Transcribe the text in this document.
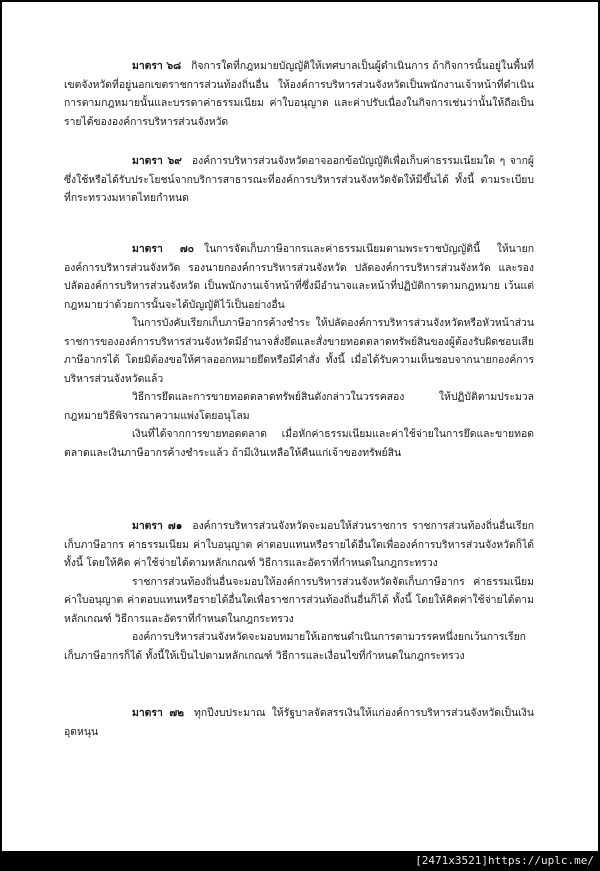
มาตรา ๖๘ กิจการใดที่กฎหมายบัญญัติให้เทศบาลเป็นผู้ดำเนินการ ถ้ากิจการนั้นอยู่ในพื้นที่เขตจังหวัดที่อยู่นอกเขตราชการส่วนท้องถิ่นอื่น ให้องค์การบริหารส่วนจังหวัดเป็นพนักงานเจ้าหน้าที่ดำเนินการตามกฎหมายนั้นและบรรดาค่าธรรมเนียม ค่าใบอนุญาต และค่าปรับเนื่องในกิจการเช่นว่านั้นให้ถือเป็นรายได้ขององค์การบริหารส่วนจังหวัด

มาตรา ๖๙ องค์การบริหารส่วนจังหวัดอาจออกข้อบัญญัติเพื่อเก็บค่าธรรมเนียมใด ๆ จากผู้ซึ่งใช้หรือได้รับประโยชน์จากบริการสาธารณะที่องค์การบริหารส่วนจังหวัดจัดให้มีขึ้นได้ ทั้งนี้ ตามระเบียบที่กระทรวงมหาดไทยกำหนด

มาตรา ๗๐ ในการจัดเก็บภาษีอากรและค่าธรรมเนียมตามพระราชบัญญัตินี้ ให้นายกองค์การบริหารส่วนจังหวัด รองนายกองค์การบริหารส่วนจังหวัด ปลัดองค์การบริหารส่วนจังหวัด และรองปลัดองค์การบริหารส่วนจังหวัด เป็นพนักงานเจ้าหน้าที่ซึ่งมีอำนาจและหน้าที่ปฏิบัติการตามกฎหมาย เว้นแต่กฎหมายว่าด้วยการนั้นจะได้บัญญัติไว้เป็นอย่างอื่น

ในการบังคับเรียกเก็บภาษีอากรค้างชำระ ให้ปลัดองค์การบริหารส่วนจังหวัดหรือหัวหน้าส่วนราชการขององค์การบริหารส่วนจังหวัดมีอำนาจสั่งยึดและสั่งขายทอดตลาดทรัพย์สินของผู้ต้องรับผิดชอบเสียภาษีอากรได้ โดยมิต้องขอให้ศาลออกหมายยึดหรือมีคำสั่ง ทั้งนี้ เมื่อได้รับความเห็นชอบจากนายกองค์การบริหารส่วนจังหวัดแล้ว

วิธีการยึดและการขายทอดตลาดทรัพย์สินดังกล่าวในวรรคสอง ให้ปฏิบัติตามประมวลกฎหมายวิธีพิจารณาความแพ่งโดยอนุโลม

เงินที่ได้จากการขายทอดตลาด เมื่อหักค่าธรรมเนียมและค่าใช้จ่ายในการยึดและขายทอดตลาดและเงินภาษีอากรค้างชำระแล้ว ถ้ามีเงินเหลือให้คืนแก่เจ้าของทรัพย์สิน

มาตรา ๗๑ องค์การบริหารส่วนจังหวัดจะมอบให้ส่วนราชการ ราชการส่วนท้องถิ่นอื่นเรียกเก็บภาษีอากร ค่าธรรมเนียม ค่าใบอนุญาต ค่าตอบแทนหรือรายได้อื่นใดเพื่อองค์การบริหารส่วนจังหวัดก็ได้ ทั้งนี้ โดยให้คิด ค่าใช้จ่ายได้ตามหลักเกณฑ์ วิธีการและอัตราที่กำหนดในกฎกระทรวง

ราชการส่วนท้องถิ่นอื่นจะมอบให้องค์การบริหารส่วนจังหวัดจัดเก็บภาษีอากร ค่าธรรมเนียม ค่าใบอนุญาต ค่าตอบแทนหรือรายได้อื่นใดเพื่อราชการส่วนท้องถิ่นอื่นก็ได้ ทั้งนี้ โดยให้คิดค่าใช้จ่ายได้ตามหลักเกณฑ์ วิธีการและอัตราที่กำหนดในกฎกระทรวง

องค์การบริหารส่วนจังหวัดจะมอบหมายให้เอกชนดำเนินการตามวรรคหนึ่งยกเว้นการเรียกเก็บภาษีอากรก็ได้ ทั้งนี้ให้เป็นไปตามหลักเกณฑ์ วิธีการและเงื่อนไขที่กำหนดในกฎกระทรวง

มาตรา ๗๒ ทุกปีงบประมาณ ให้รัฐบาลจัดสรรเงินให้แก่องค์การบริหารส่วนจังหวัดเป็นเงินอุดหนุน

[2471x3521]https://uplc.me/
